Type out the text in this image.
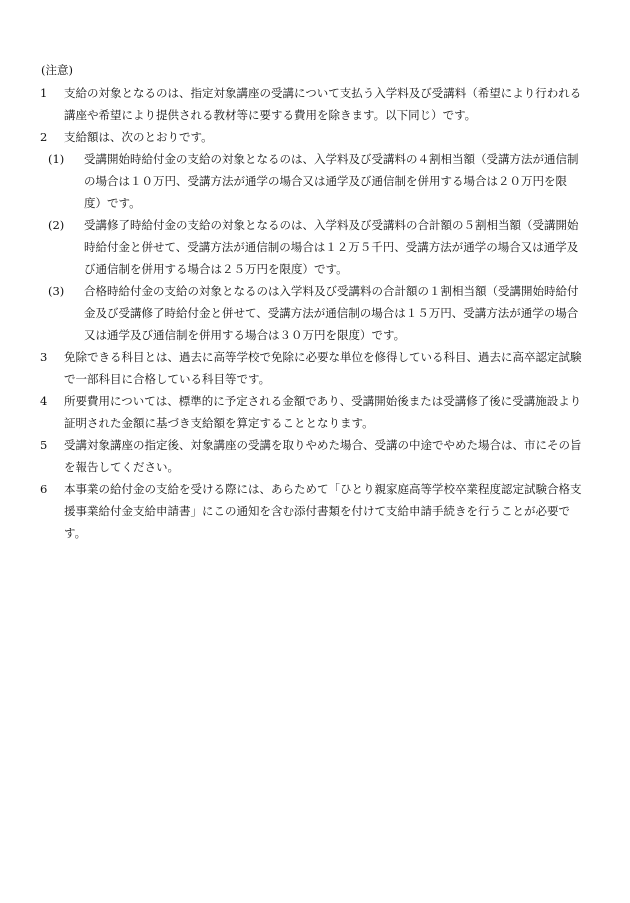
(注意)

1 支給の対象となるのは、指定対象講座の受講について支払う入学料及び受講料（希望により行われる講座や希望により提供される教材等に要する費用を除きます。以下同じ）です。

2 支給額は、次のとおりです。

(1) 受講開始時給付金の支給の対象となるのは、入学料及び受講料の４割相当額（受講方法が通信制の場合は１０万円、受講方法が通学の場合又は通学及び通信制を併用する場合は２０万円を限度）です。

(2) 受講修了時給付金の支給の対象となるのは、入学料及び受講料の合計額の５割相当額（受講開始時給付金と併せて、受講方法が通信制の場合は１２万５千円、受講方法が通学の場合又は通学及び通信制を併用する場合は２５万円を限度）です。

(3) 合格時給付金の支給の対象となるのは入学料及び受講料の合計額の１割相当額（受講開始時給付金及び受講修了時給付金と併せて、受講方法が通信制の場合は１５万円、受講方法が通学の場合又は通学及び通信制を併用する場合は３０万円を限度）です。

3 免除できる科目とは、過去に高等学校で免除に必要な単位を修得している科目、過去に高卒認定試験で一部科目に合格している科目等です。

4 所要費用については、標準的に予定される金額であり、受講開始後または受講修了後に受講施設より証明された金額に基づき支給額を算定することとなります。

5 受講対象講座の指定後、対象講座の受講を取りやめた場合、受講の中途でやめた場合は、市にその旨を報告してください。

6 本事業の給付金の支給を受ける際には、あらためて「ひとり親家庭高等学校卒業程度認定試験合格支援事業給付金支給申請書」にこの通知を含む添付書類を付けて支給申請手続きを行うことが必要です。
